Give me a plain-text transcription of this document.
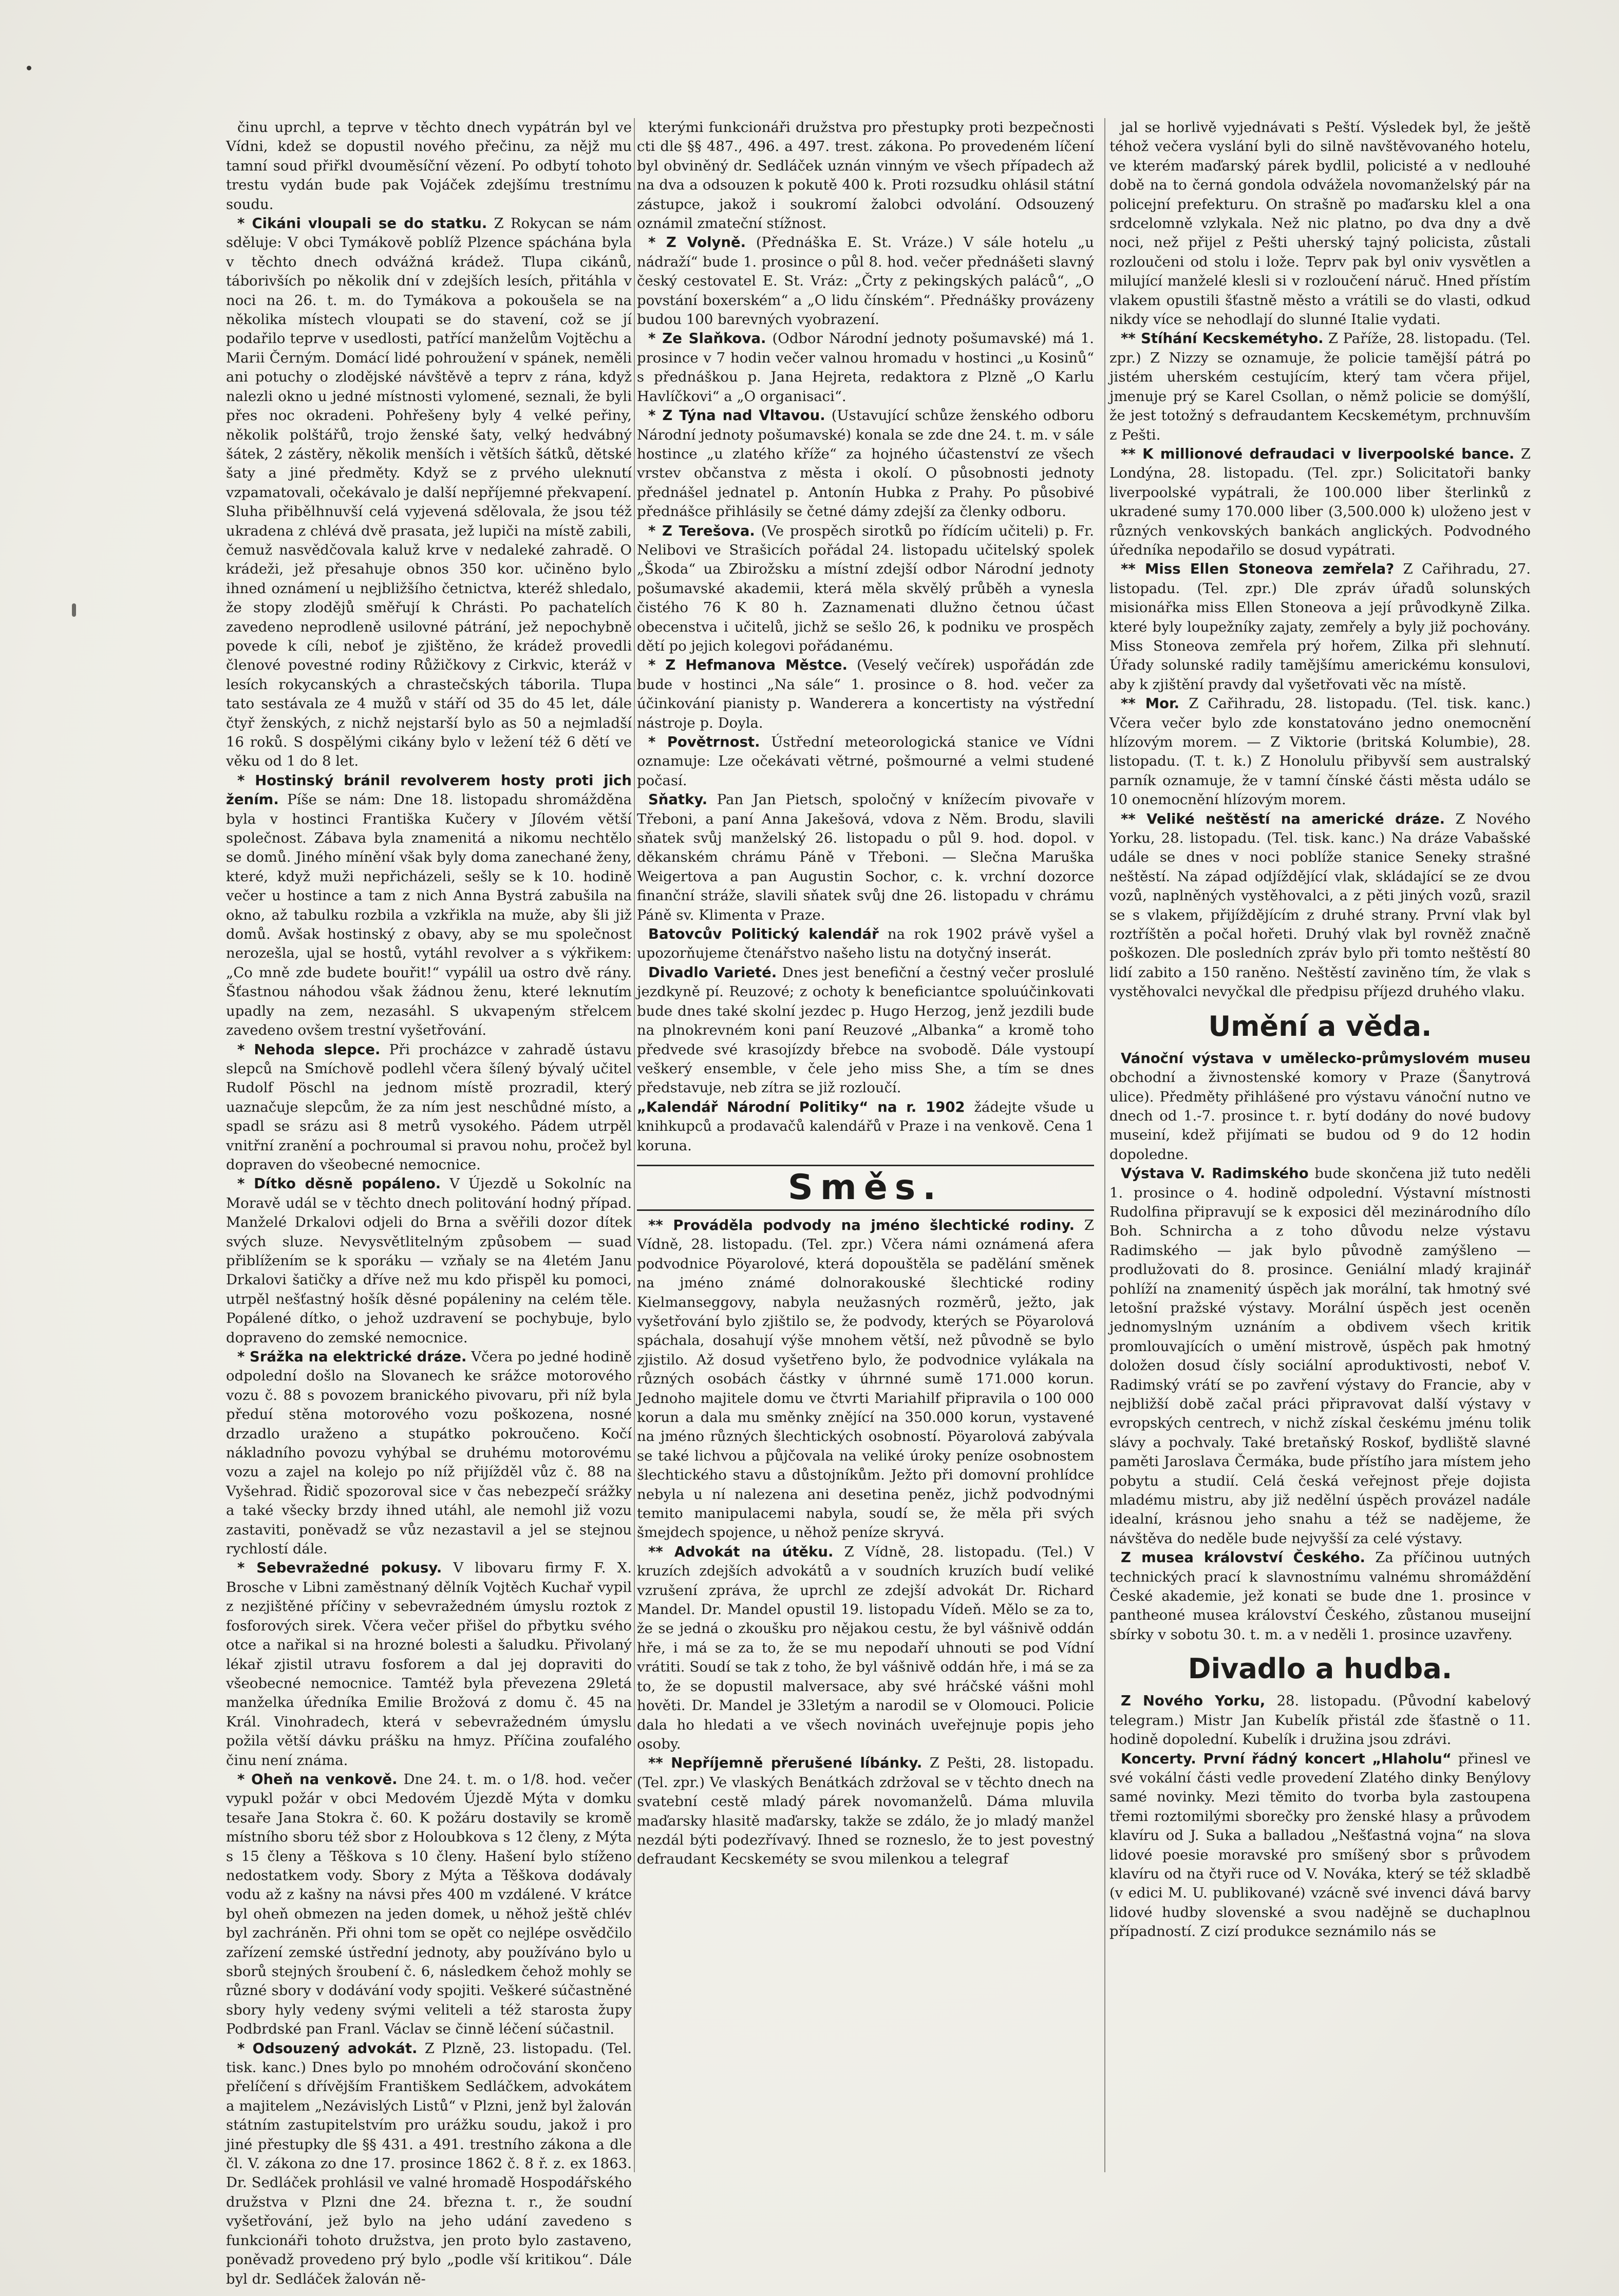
činu uprchl, a teprve v těchto dnech vypátrán byl ve Vídni, kdež se dopustil nového přečinu, za nějž mu tamní soud přiřkl dvouměsíční vězení. Po odbytí tohoto trestu vydán bude pak Vojáček zdejšímu trestnímu soudu.

* Cikáni vloupali se do statku. Z Rokycan se nám sděluje: V obci Tymákově poblíž Plzence spáchána byla v těchto dnech odvážná krádež. Tlupa cikánů, táborivších po několik dní v zdejších lesích, přitáhla v noci na 26. t. m. do Tymákova a pokoušela se na několika místech vloupati se do stavení, což se jí podařilo teprve v usedlosti, patřící manželům Vojtěchu a Marii Černým. Domácí lidé pohroužení v spánek, neměli ani potuchy o zlodějské návštěvě a teprv z rána, když nalezli okno u jedné místnosti vylomené, seznali, že byli přes noc okradeni. Pohřešeny byly 4 velké peřiny, několik polštářů, trojo ženské šaty, velký hedvábný šátek, 2 zástěry, několik menších i větších šátků, dětské šaty a jiné předměty. Když se z prvého uleknutí vzpamatovali, očekávalo je další nepříjemné překvapení. Sluha přibělhnuvší celá vyjevená sdělovala, že jsou též ukradena z chlévá dvě prasata, jež lupiči na místě zabili, čemuž nasvědčovala kaluž krve v nedaleké zahradě. O krádeži, jež přesahuje obnos 350 kor. učiněno bylo ihned oznámení u nejbližšího četnictva, kteréž shledalo, že stopy zlodějů směřují k Chrásti. Po pachatelích zavedeno neprodleně usilovné pátrání, jež nepochybně povede k cíli, neboť je zjištěno, že krádež provedli členové povestné rodiny Růžičkovy z Cirkvic, kteráž v lesích rokycanských a chrastečských táborila. Tlupa tato sestávala ze 4 mužů v stáří od 35 do 45 let, dále čtyř ženských, z nichž nejstarší bylo as 50 a nejmladší 16 roků. S dospělými cikány bylo v ležení též 6 dětí ve věku od 1 do 8 let.

* Hostinský bránil revolverem hosty proti jich žením. Píše se nám: Dne 18. listopadu shromážděna byla v hostinci Františka Kučery v Jílovém větší společnost. Zábava byla znamenitá a nikomu nechtělo se domů. Jiného mínění však byly doma zanechané ženy, které, když muži nepřicházeli, sešly se k 10. hodině večer u hostince a tam z nich Anna Bystrá zabušila na okno, až tabulku rozbila a vzkřikla na muže, aby šli již domů. Avšak hostinský z obavy, aby se mu společnost nerozešla, ujal se hostů, vytáhl revolver a s výkřikem: „Co mně zde budete bouřit!“ vypálil ua ostro dvě rány. Šťastnou náhodou však žádnou ženu, které leknutím upadly na zem, nezasáhl. S ukvapeným střelcem zavedeno ovšem trestní vyšetřování.

* Nehoda slepce. Při procházce v zahradě ústavu slepců na Smíchově podlehl včera šílený bývalý učitel Rudolf Pöschl na jednom místě prozradil, který uaznačuje slepcům, že za ním jest neschůdné místo, a spadl se srázu asi 8 metrů vysokého. Pádem utrpěl vnitřní zranění a pochroumal si pravou nohu, pročež byl dopraven do všeobecné nemocnice.

* Dítko děsně popáleno. V Újezdě u Sokolníc na Moravě udál se v těchto dnech politování hodný případ. Manželé Drkalovi odjeli do Brna a svěřili dozor dítek svých sluze. Nevysvětlitelným způsobem — suad přiblížením se k sporáku — vzňaly se na 4letém Janu Drkalovi šatičky a dříve než mu kdo přispěl ku pomoci, utrpěl nešťastný hošík děsné popáleniny na celém těle. Popálené dítko, o jehož uzdravení se pochybuje, bylo dopraveno do zemské nemocnice.

* Srážka na elektrické dráze. Včera po jedné hodině odpolední došlo na Slovanech ke srážce motorového vozu č. 88 s povozem branického pivovaru, při níž byla předuí stěna motorového vozu poškozena, nosné drzadlo uraženo a stupátko pokroučeno. Kočí nákladního povozu vyhýbal se druhému motorovému vozu a zajel na kolejo po níž přijížděl vůz č. 88 na Vyšehrad. Řidič spozoroval sice v čas nebezpečí srážky a také všecky brzdy ihned utáhl, ale nemohl již vozu zastaviti, poněvadž se vůz nezastavil a jel se stejnou rychlostí dále.

* Sebevražedné pokusy. V libovaru firmy F. X. Brosche v Libni zaměstnaný dělník Vojtěch Kuchař vypil z nezjištěné příčiny v sebevražedném úmyslu roztok z fosforových sirek. Včera večer přišel do přbytku svého otce a nařikal si na hrozné bolesti a šaludku. Přivolaný lékař zjistil utravu fosforem a dal jej dopraviti do všeobecné nemocnice. Tamtéž byla převezena 29letá manželka úředníka Emilie Brožová z domu č. 45 na Král. Vinohradech, která v sebevražedném úmyslu požila větší dávku prášku na hmyz. Příčina zoufalého činu není známa.

* Oheň na venkově. Dne 24. t. m. o 1/8. hod. večer vypukl požár v obci Medovém Újezdě Mýta v domku tesaře Jana Stokra č. 60. K požáru dostavily se kromě místního sboru též sbor z Holoubkova s 12 členy, z Mýta s 15 členy a Těškova s 10 členy. Hašení bylo stíženo nedostatkem vody. Sbory z Mýta a Těškova dodávaly vodu až z kašny na návsi přes 400 m vzdálené. V krátce byl oheň obmezen na jeden domek, u něhož ještě chlév byl zachráněn. Při ohni tom se opět co nejlépe osvědčilo zařízení zemské ústřední jednoty, aby používáno bylo u sborů stejných šroubení č. 6, následkem čehož mohly se různé sbory v dodávání vody spojiti. Veškeré súčastněné sbory hyly vedeny svými veliteli a též starosta župy Podbrdské pan Franl. Václav se činně léčení súčastnil.

* Odsouzený advokát. Z Plzně, 23. listopadu. (Tel. tisk. kanc.) Dnes bylo po mnohém odročování skončeno přelíčení s dřívějším Františkem Sedláčkem, advokátem a majitelem „Nezávislých Listů“ v Plzni, jenž byl žalován státním zastupitelstvím pro urážku soudu, jakož i pro jiné přestupky dle §§ 431. a 491. trestního zákona a dle čl. V. zákona zo dne 17. prosince 1862 č. 8 ř. z. ex 1863. Dr. Sedláček prohlásil ve valné hromadě Hospodářského družstva v Plzni dne 24. března t. r., že soudní vyšetřování, jež bylo na jeho udání zavedeno s funkcionáři tohoto družstva, jen proto bylo zastaveno, poněvadž provedeno prý bylo „podle vší kritikou“. Dále byl dr. Sedláček žalován ně-

kterými funkcionáři družstva pro přestupky proti bezpečnosti cti dle §§ 487., 496. a 497. trest. zákona. Po provedeném líčení byl obviněný dr. Sedláček uznán vinným ve všech případech až na dva a odsouzen k pokutě 400 k. Proti rozsudku ohlásil státní zástupce, jakož i soukromí žalobci odvolání. Odsouzený oznámil zmateční stížnost.

* Z Volyně. (Přednáška E. St. Vráze.) V sále hotelu „u nádraží“ bude 1. prosince o půl 8. hod. večer přednášeti slavný český cestovatel E. St. Vráz: „Črty z pekingských paláců“, „O povstání boxerském“ a „O lidu čínském“. Přednášky provázeny budou 100 barevných vyobrazení.

* Ze Slaňkova. (Odbor Národní jednoty pošumavské) má 1. prosince v 7 hodin večer valnou hromadu v hostinci „u Kosinů“ s přednáškou p. Jana Hejreta, redaktora z Plzně „O Karlu Havlíčkovi“ a „O organisaci“.

* Z Týna nad Vltavou. (Ustavující schůze ženského odboru Národní jednoty pošumavské) konala se zde dne 24. t. m. v sále hostince „u zlatého kříže“ za hojného účastenství ze všech vrstev občanstva z města i okolí. O působnosti jednoty přednášel jednatel p. Antonín Hubka z Prahy. Po působivé přednášce přihlásily se četné dámy zdejší za členky odboru.

* Z Terešova. (Ve prospěch sirotků po řídícím učiteli) p. Fr. Nelibovi ve Strašicích pořádal 24. listopadu učitelský spolek „Škoda“ ua Zbirožsku a místní zdejší odbor Národní jednoty pošumavské akademii, která měla skvělý průběh a vynesla čistého 76 K 80 h. Zaznamenati dlužno četnou účast obecenstva i učitelů, jichž se sešlo 26, k podniku ve prospěch dětí po jejich kolegovi pořádanému.

* Z Hefmanova Městce. (Veselý večírek) uspořádán zde bude v hostinci „Na sále“ 1. prosince o 8. hod. večer za účinkování pianisty p. Wanderera a koncertisty na výstřední nástroje p. Doyla.

* Povětrnost. Ústřední meteorologická stanice ve Vídni oznamuje: Lze očekávati větrné, pošmourné a velmi studené počasí.

Sňatky. Pan Jan Pietsch, spoločný v knížecím pivovaře v Třeboni, a paní Anna Jakešová, vdova z Něm. Brodu, slavili sňatek svůj manželský 26. listopadu o půl 9. hod. dopol. v děkanském chrámu Páně v Třeboni. — Slečna Maruška Weigertova a pan Augustin Sochor, c. k. vrchní dozorce finanční stráže, slavili sňatek svůj dne 26. listopadu v chrámu Páně sv. Klimenta v Praze.

Batovcův Politický kalendář na rok 1902 právě vyšel a upozorňujeme čtenářstvo našeho listu na dotyčný inserát.

Divadlo Varieté. Dnes jest benefiční a čestný večer proslulé jezdkyně pí. Reuzové; z ochoty k beneficiantce spoluúčinkovati bude dnes také skolní jezdec p. Hugo Herzog, jenž jezdili bude na plnokrevném koni paní Reuzové „Albanka“ a kromě toho předvede své krasojízdy břebce na svobodě. Dále vystoupí veškerý ensemble, v čele jeho miss She, a tím se dnes představuje, neb zítra se již rozloučí.

„Kalendář Národní Politiky“ na r. 1902 žádejte všude u knihkupců a prodavačů kalendářů v Praze i na venkově. Cena 1 koruna.

Směs.

** Prováděla podvody na jméno šlechtické rodiny. Z Vídně, 28. listopadu. (Tel. zpr.) Včera námi oznámená afera podvodnice Pöyarolové, která dopouštěla se padělání směnek na jméno známé dolnorakouské šlechtické rodiny Kielmanseggovy, nabyla neužasných rozměrů, ježto, jak vyšetřování bylo zjištilo se, že podvody, kterých se Pöyarolová spáchala, dosahují výše mnohem větší, než původně se bylo zjistilo. Až dosud vyšetřeno bylo, že podvodnice vylákala na různých osobách částky v úhrnné sumě 171.000 korun. Jednoho majitele domu ve čtvrti Mariahilf připravila o 100 000 korun a dala mu směnky znějící na 350.000 korun, vystavené na jméno různých šlechtických osobností. Pöyarolová zabývala se také lichvou a půjčovala na veliké úroky peníze osobnostem šlechtického stavu a důstojníkům. Ježto při domovní prohlídce nebyla u ní nalezena ani desetina peněz, jichž podvodnými temito manipulacemi nabyla, soudí se, že měla při svých šmejdech spojence, u něhož peníze skryvá.

** Advokát na útěku. Z Vídně, 28. listopadu. (Tel.) V kruzích zdejších advokátů a v soudních kruzích budí veliké vzrušení zpráva, že uprchl ze zdejší advokát Dr. Richard Mandel. Dr. Mandel opustil 19. listopadu Vídeň. Mělo se za to, že se jedná o zkoušku pro nějakou cestu, že byl vášnivě oddán hře, i má se za to, že se mu nepodaří uhnouti se pod Vídní vrátiti. Soudí se tak z toho, že byl vášnivě oddán hře, i má se za to, že se dopustil malversace, aby své hráčské vášni mohl hověti. Dr. Mandel je 33letým a narodil se v Olomouci. Policie dala ho hledati a ve všech novinách uveřejnuje popis jeho osoby.

** Nepříjemně přerušené líbánky. Z Pešti, 28. listopadu. (Tel. zpr.) Ve vlaských Benátkách zdržoval se v těchto dnech na svatební cestě mladý párek novomanželů. Dáma mluvila maďarsky hlasitě maďarsky, takže se zdálo, že jo mladý manžel nezdál býti podezřívavý. Ihned se rozneslo, že to jest povestný defraudant Kecskeméty se svou milenkou a telegraf

jal se horlivě vyjednávati s Peští. Výsledek byl, že ještě téhož večera vyslání byli do silně navštěvovaného hotelu, ve kterém maďarský párek bydlil, policisté a v nedlouhé době na to černá gondola odvážela novomanželský pár na policejní prefekturu. On strašně po maďarsku klel a ona srdcelomně vzlykala. Než nic platno, po dva dny a dvě noci, než přijel z Pešti uherský tajný policista, zůstali rozloučeni od stolu i lože. Teprv pak byl oniv vysvětlen a milující manželé klesli si v rozloučení náruč. Hned přístím vlakem opustili šťastně město a vrátili se do vlasti, odkud nikdy více se nehodlají do slunné Italie vydati.

** Stíhání Kecskemétyho. Z Paříže, 28. listopadu. (Tel. zpr.) Z Nizzy se oznamuje, že policie tamější pátrá po jistém uherském cestujícím, který tam včera přijel, jmenuje prý se Karel Csollan, o němž policie se domýšlí, že jest totožný s defraudantem Kecskemétym, prchnuvším z Pešti.

** K millionové defraudaci v liverpoolské bance. Z Londýna, 28. listopadu. (Tel. zpr.) Solicitatoři banky liverpoolské vypátrali, že 100.000 liber šterlinků z ukradené sumy 170.000 liber (3,500.000 k) uloženo jest v různých venkovských bankách anglických. Podvodného úředníka nepodařilo se dosud vypátrati.

** Miss Ellen Stoneova zemřela? Z Cařihradu, 27. listopadu. (Tel. zpr.) Dle zpráv úřadů solunských misionářka miss Ellen Stoneova a její průvodkyně Zilka. které byly loupežníky zajaty, zemřely a byly již pochovány. Miss Stoneova zemřela prý hořem, Zilka při slehnutí. Úřady solunské radily tamějšímu americkému konsulovi, aby k zjištění pravdy dal vyšetřovati věc na místě.

** Mor. Z Cařihradu, 28. listopadu. (Tel. tisk. kanc.) Včera večer bylo zde konstatováno jedno onemocnění hlízovým morem. — Z Viktorie (britská Kolumbie), 28. listopadu. (T. t. k.) Z Honolulu přibyvší sem australský parník oznamuje, že v tamní čínské části města událo se 10 onemocnění hlízovým morem.

** Veliké neštěstí na americké dráze. Z Nového Yorku, 28. listopadu. (Tel. tisk. kanc.) Na dráze Vabašské udále se dnes v noci poblíže stanice Seneky strašné neštěstí. Na západ odjíždějící vlak, skládající se ze dvou vozů, naplněných vystěhovalci, a z pěti jiných vozů, srazil se s vlakem, přijíždějícím z druhé strany. První vlak byl roztříštěn a počal hořeti. Druhý vlak byl rovněž značně poškozen. Dle posledních zpráv bylo při tomto neštěstí 80 lidí zabito a 150 raněno. Neštěstí zaviněno tím, že vlak s vystěhovalci nevyčkal dle předpisu příjezd druhého vlaku.

Umění a věda.

Vánoční výstava v umělecko-průmyslovém museu obchodní a živnostenské komory v Praze (Šanytrová ulice). Předměty přihlášené pro výstavu vánoční nutno ve dnech od 1.-7. prosince t. r. bytí dodány do nové budovy museiní, kdež přijímati se budou od 9 do 12 hodin dopoledne.

Výstava V. Radimského bude skončena již tuto neděli 1. prosince o 4. hodině odpolední. Výstavní místnosti Rudolfina připravují se k exposici děl mezinárodního dílo Boh. Schnircha a z toho důvodu nelze výstavu Radimského — jak bylo původně zamýšleno — prodlužovati do 8. prosince. Geniální mladý krajinář pohlíží na znamenitý úspěch jak morální, tak hmotný své letošní pražské výstavy. Morální úspěch jest oceněn jednomyslným uznáním a obdivem všech kritik promlouvajících o umění mistrově, úspěch pak hmotný doložen dosud čísly sociální aproduktivosti, neboť V. Radimský vrátí se po zavření výstavy do Francie, aby v nejbližší době začal práci připravovat další výstavy v evropských centrech, v nichž získal českému jménu tolik slávy a pochvaly. Také bretaňský Roskof, bydliště slavné paměti Jaroslava Čermáka, bude přístího jara místem jeho pobytu a studií. Celá česká veřejnost přeje dojista mladému mistru, aby již nedělní úspěch provázel nadále idealní, krásnou jeho snahu a též se nadějeme, že návštěva do neděle bude nejvyšší za celé výstavy.

Z musea království Českého. Za příčinou uutných technických prací k slavnostnímu valnému shromáždění České akademie, jež konati se bude dne 1. prosince v pantheoné musea království Českého, zůstanou museijní sbírky v sobotu 30. t. m. a v neděli 1. prosince uzavřeny.

Divadlo a hudba.

Z Nového Yorku, 28. listopadu. (Původní kabelový telegram.) Mistr Jan Kubelík přistál zde šťastně o 11. hodině dopolední. Kubelík i družina jsou zdrávi.

Koncerty. První řádný koncert „Hlaholu“ přinesl ve své vokální části vedle provedení Zlatého dinky Benýlovy samé novinky. Mezi těmito do tvorba byla zastoupena třemi roztomilými sborečky pro ženské hlasy a průvodem klavíru od J. Suka a balladou „Nešťastná vojna“ na slova lidové poesie moravské pro smíšený sbor s průvodem klavíru od na čtyři ruce od V. Nováka, který se též skladbě (v edici M. U. publikované) vzácně své invenci dává barvy lidové hudby slovenské a svou nadějně se duchaplnou případností. Z cizí produkce seznámilo nás se
